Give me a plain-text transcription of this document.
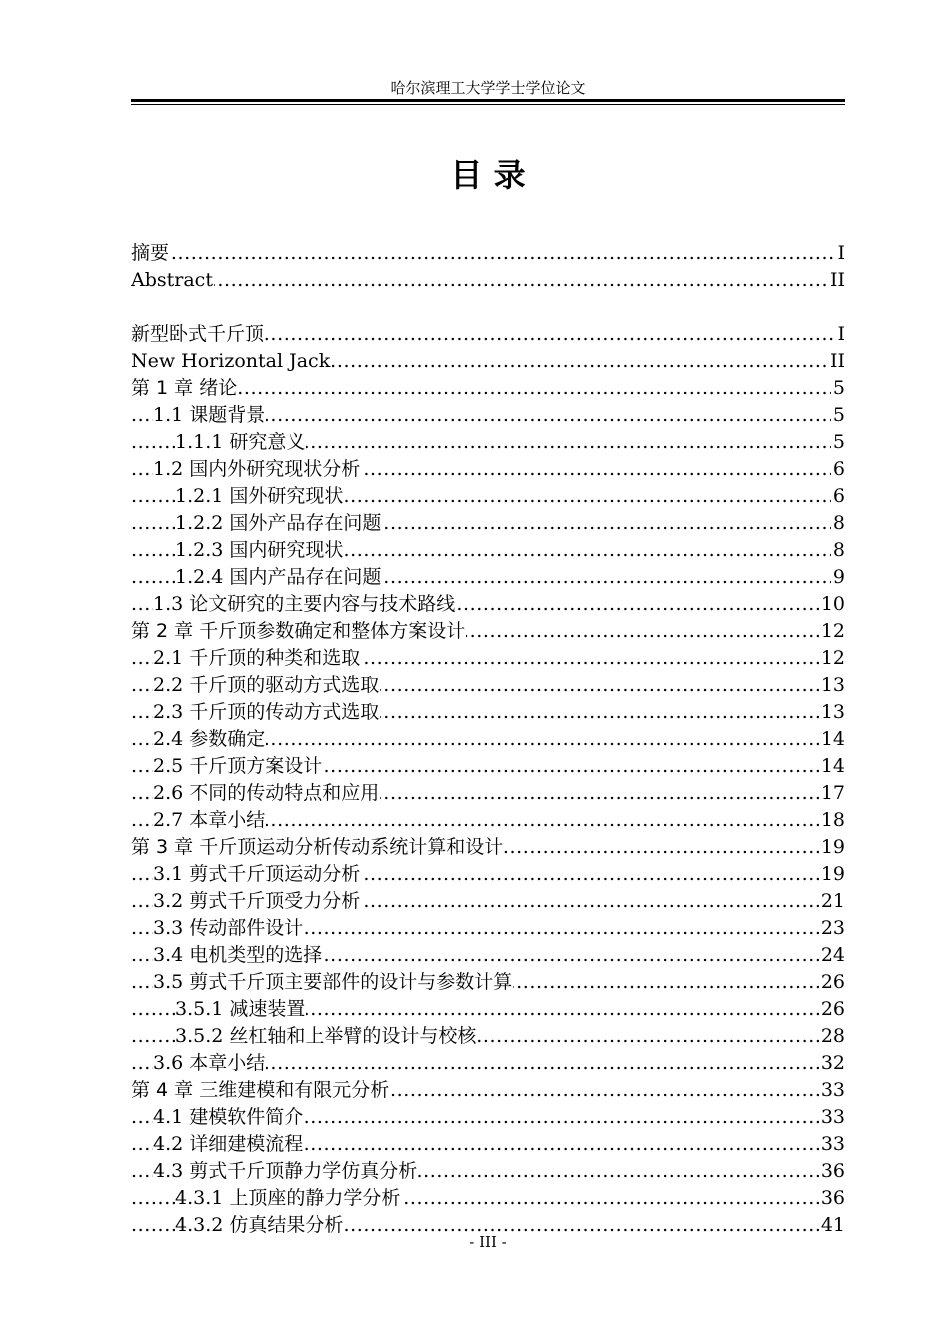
哈尔滨理工大学学士学位论文
目 录
摘要	I
.....
Abstract	II
.....
新型卧式千斤顶	I
.....
New Horizontal Jack	II
.....
第 1 章 绪论	5
.....
1.1 课题背景	5
.....
1.1.1 研究意义	5
.....
1.2 国内外研究现状分析	6
.....
1.2.1 国外研究现状	6
.....
1.2.2 国外产品存在问题	8
.....
1.2.3 国内研究现状	8
.....
1.2.4 国内产品存在问题	9
.....
1.3 论文研究的主要内容与技术路线	10
.....
第 2 章 千斤顶参数确定和整体方案设计	12
.....
2.1 千斤顶的种类和选取	12
.....
2.2 千斤顶的驱动方式选取	13
.....
2.3 千斤顶的传动方式选取	13
.....
2.4 参数确定	14
.....
2.5 千斤顶方案设计	14
.....
2.6 不同的传动特点和应用	17
.....
2.7 本章小结	18
.....
第 3 章 千斤顶运动分析传动系统计算和设计	19
.....
3.1 剪式千斤顶运动分析	19
.....
3.2 剪式千斤顶受力分析	21
.....
3.3 传动部件设计	23
.....
3.4 电机类型的选择	24
.....
3.5 剪式千斤顶主要部件的设计与参数计算	26
.....
3.5.1 减速装置	26
.....
3.5.2 丝杠轴和上举臂的设计与校核	28
.....
3.6 本章小结	32
.....
第 4 章 三维建模和有限元分析	33
.....
4.1 建模软件简介	33
.....
4.2 详细建模流程	33
.....
4.3 剪式千斤顶静力学仿真分析	36
.....
4.3.1 上顶座的静力学分析	36
.....
4.3.2 仿真结果分析	41
.....
- III -
